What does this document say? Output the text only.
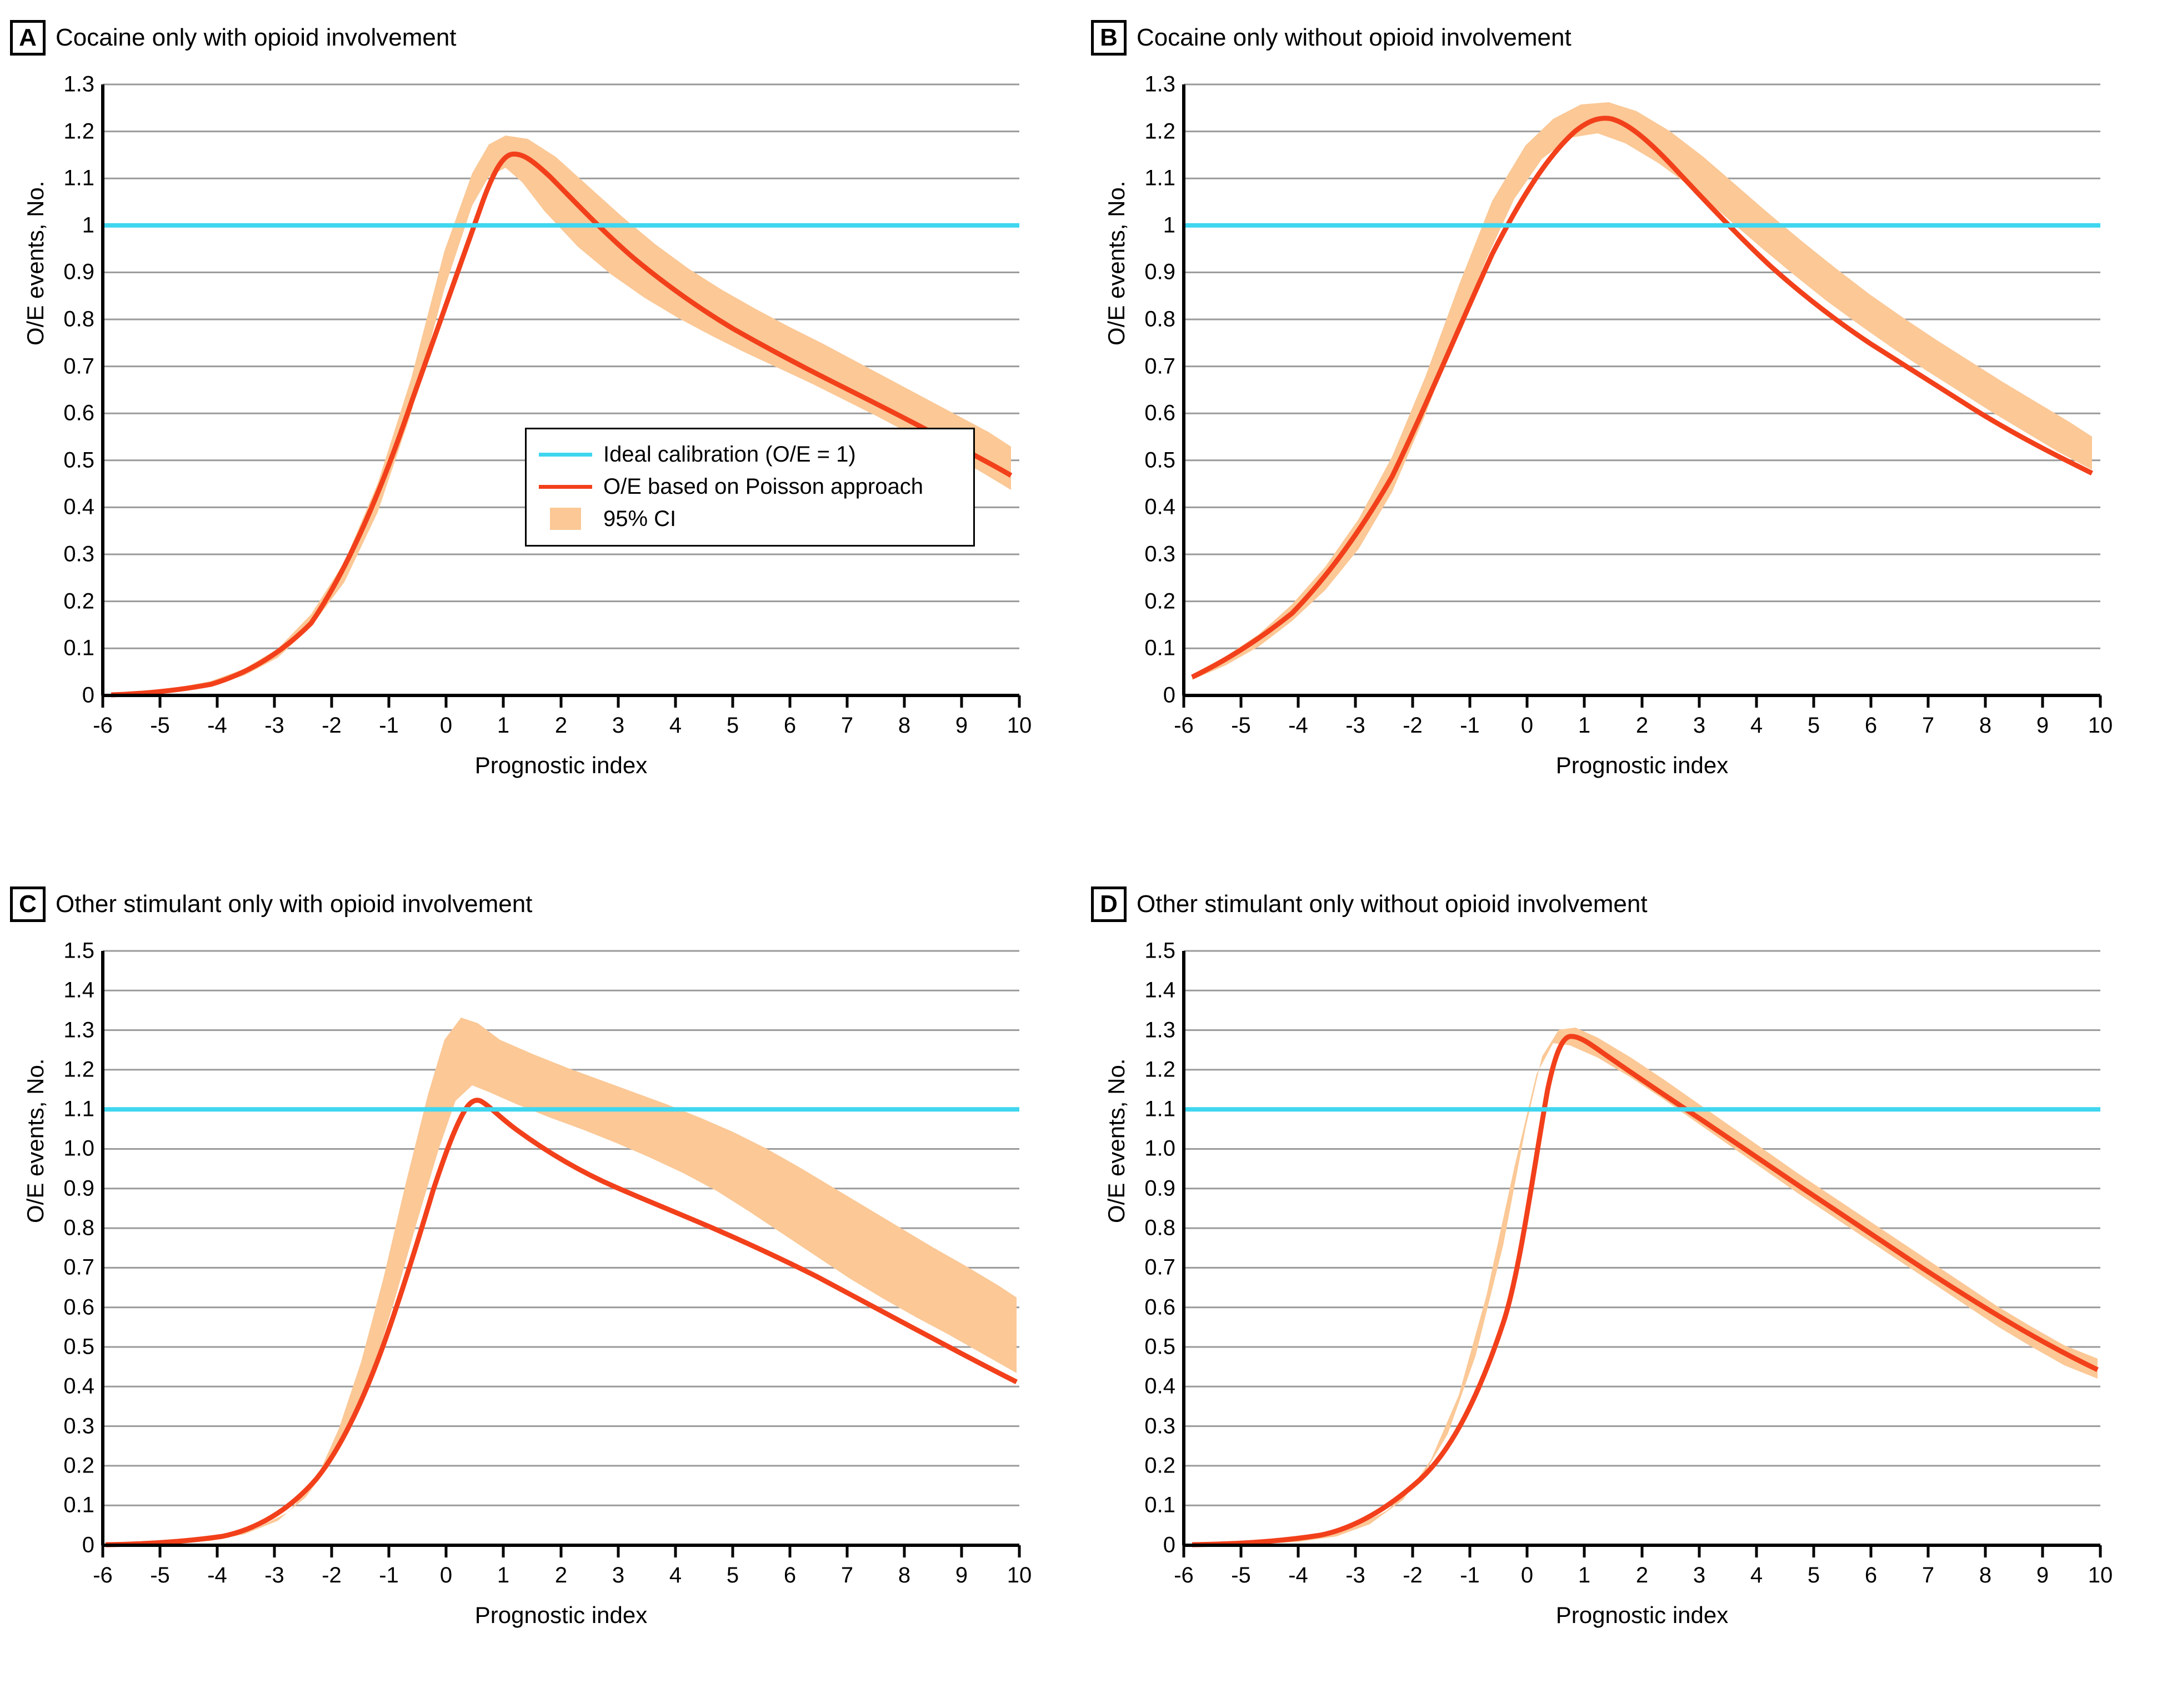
A Cocaine only with opioid involvement
O/E events, No.
0
0.1
0.2
0.3
0.4
0.5
0.6
0.7
0.8
0.9
1
1.1
1.2
1.3
-6 -5 -4 -3 -2 -1 0 1 2 3 4 5 6 7 8 9 10
Prognostic index
Ideal calibration (O/E = 1)
O/E based on Poisson approach
95% CI
B Cocaine only without opioid involvement
O/E events, No.
0
0.1
0.2
0.3
0.4
0.5
0.6
0.7
0.8
0.9
1
1.1
1.2
1.3
-6 -5 -4 -3 -2 -1 0 1 2 3 4 5 6 7 8 9 10
Prognostic index
C Other stimulant only with opioid involvement
O/E events, No.
0
0.1
0.2
0.3
0.4
0.5
0.6
0.7
0.8
0.9
1.0
1.1
1.2
1.3
1.4
1.5
-6 -5 -4 -3 -2 -1 0 1 2 3 4 5 6 7 8 9 10
Prognostic index
D Other stimulant only without opioid involvement
O/E events, No.
0
0.1
0.2
0.3
0.4
0.5
0.6
0.7
0.8
0.9
1.0
1.1
1.2
1.3
1.4
1.5
-6 -5 -4 -3 -2 -1 0 1 2 3 4 5 6 7 8 9 10
Prognostic index
